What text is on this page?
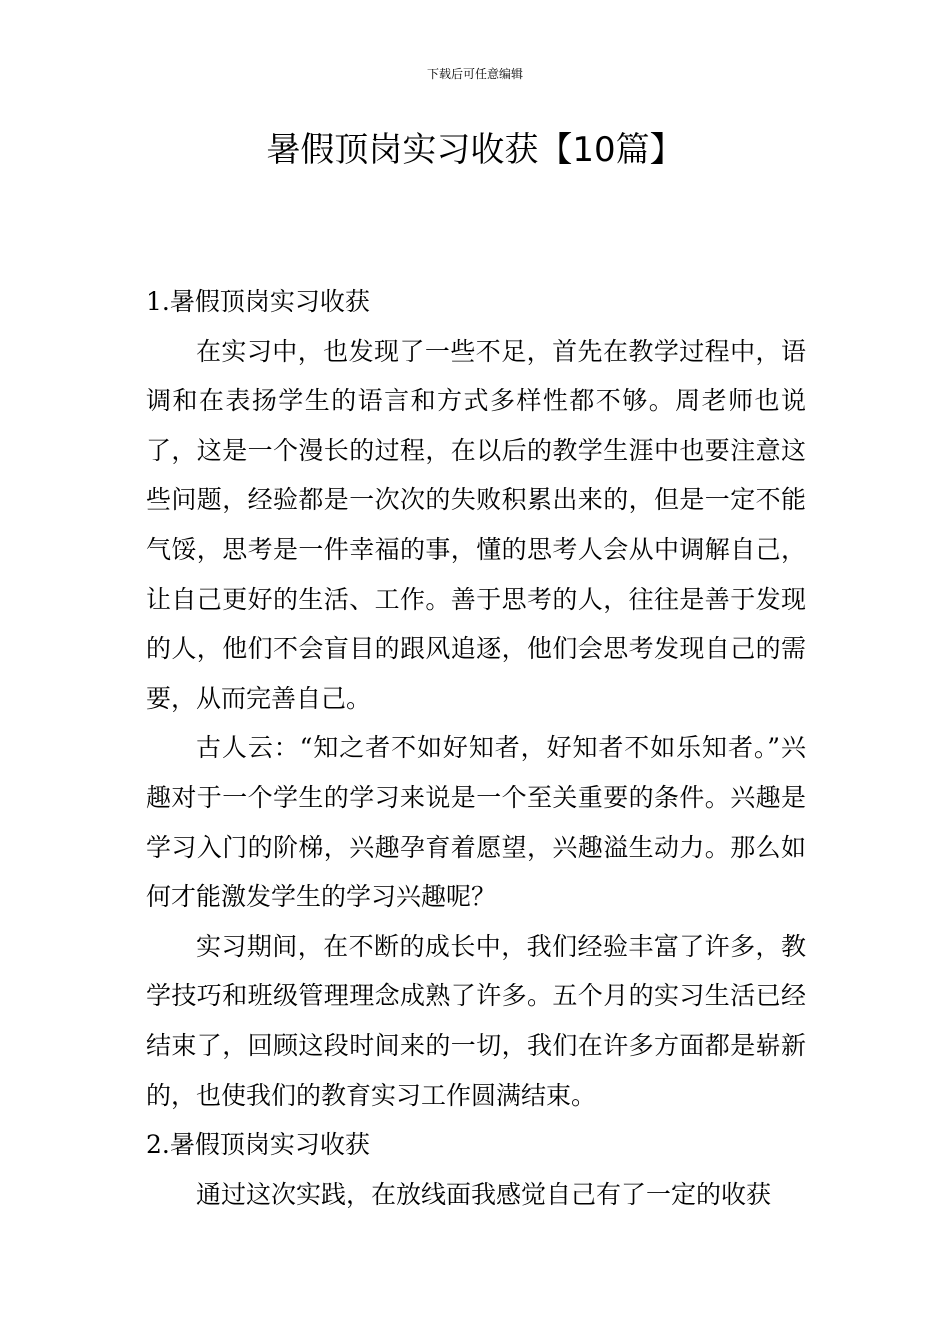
下载后可任意编辑
暑假顶岗实习收获【10篇】

1.暑假顶岗实习收获

在实习中，也发现了一些不足，首先在教学过程中，语调和在表扬学生的语言和方式多样性都不够。周老师也说了，这是一个漫长的过程，在以后的教学生涯中也要注意这些问题，经验都是一次次的失败积累出来的，但是一定不能气馁，思考是一件幸福的事，懂的思考人会从中调解自己，让自己更好的生活、工作。善于思考的人，往往是善于发现的人，他们不会盲目的跟风追逐，他们会思考发现自己的需要，从而完善自己。

古人云：“知之者不如好知者，好知者不如乐知者。”兴趣对于一个学生的学习来说是一个至关重要的条件。兴趣是学习入门的阶梯，兴趣孕育着愿望，兴趣溢生动力。那么如何才能激发学生的学习兴趣呢？

实习期间，在不断的成长中，我们经验丰富了许多，教学技巧和班级管理理念成熟了许多。五个月的实习生活已经结束了，回顾这段时间来的一切，我们在许多方面都是崭新的，也使我们的教育实习工作圆满结束。

2.暑假顶岗实习收获

通过这次实践，在放线面我感觉自己有了一定的收获
